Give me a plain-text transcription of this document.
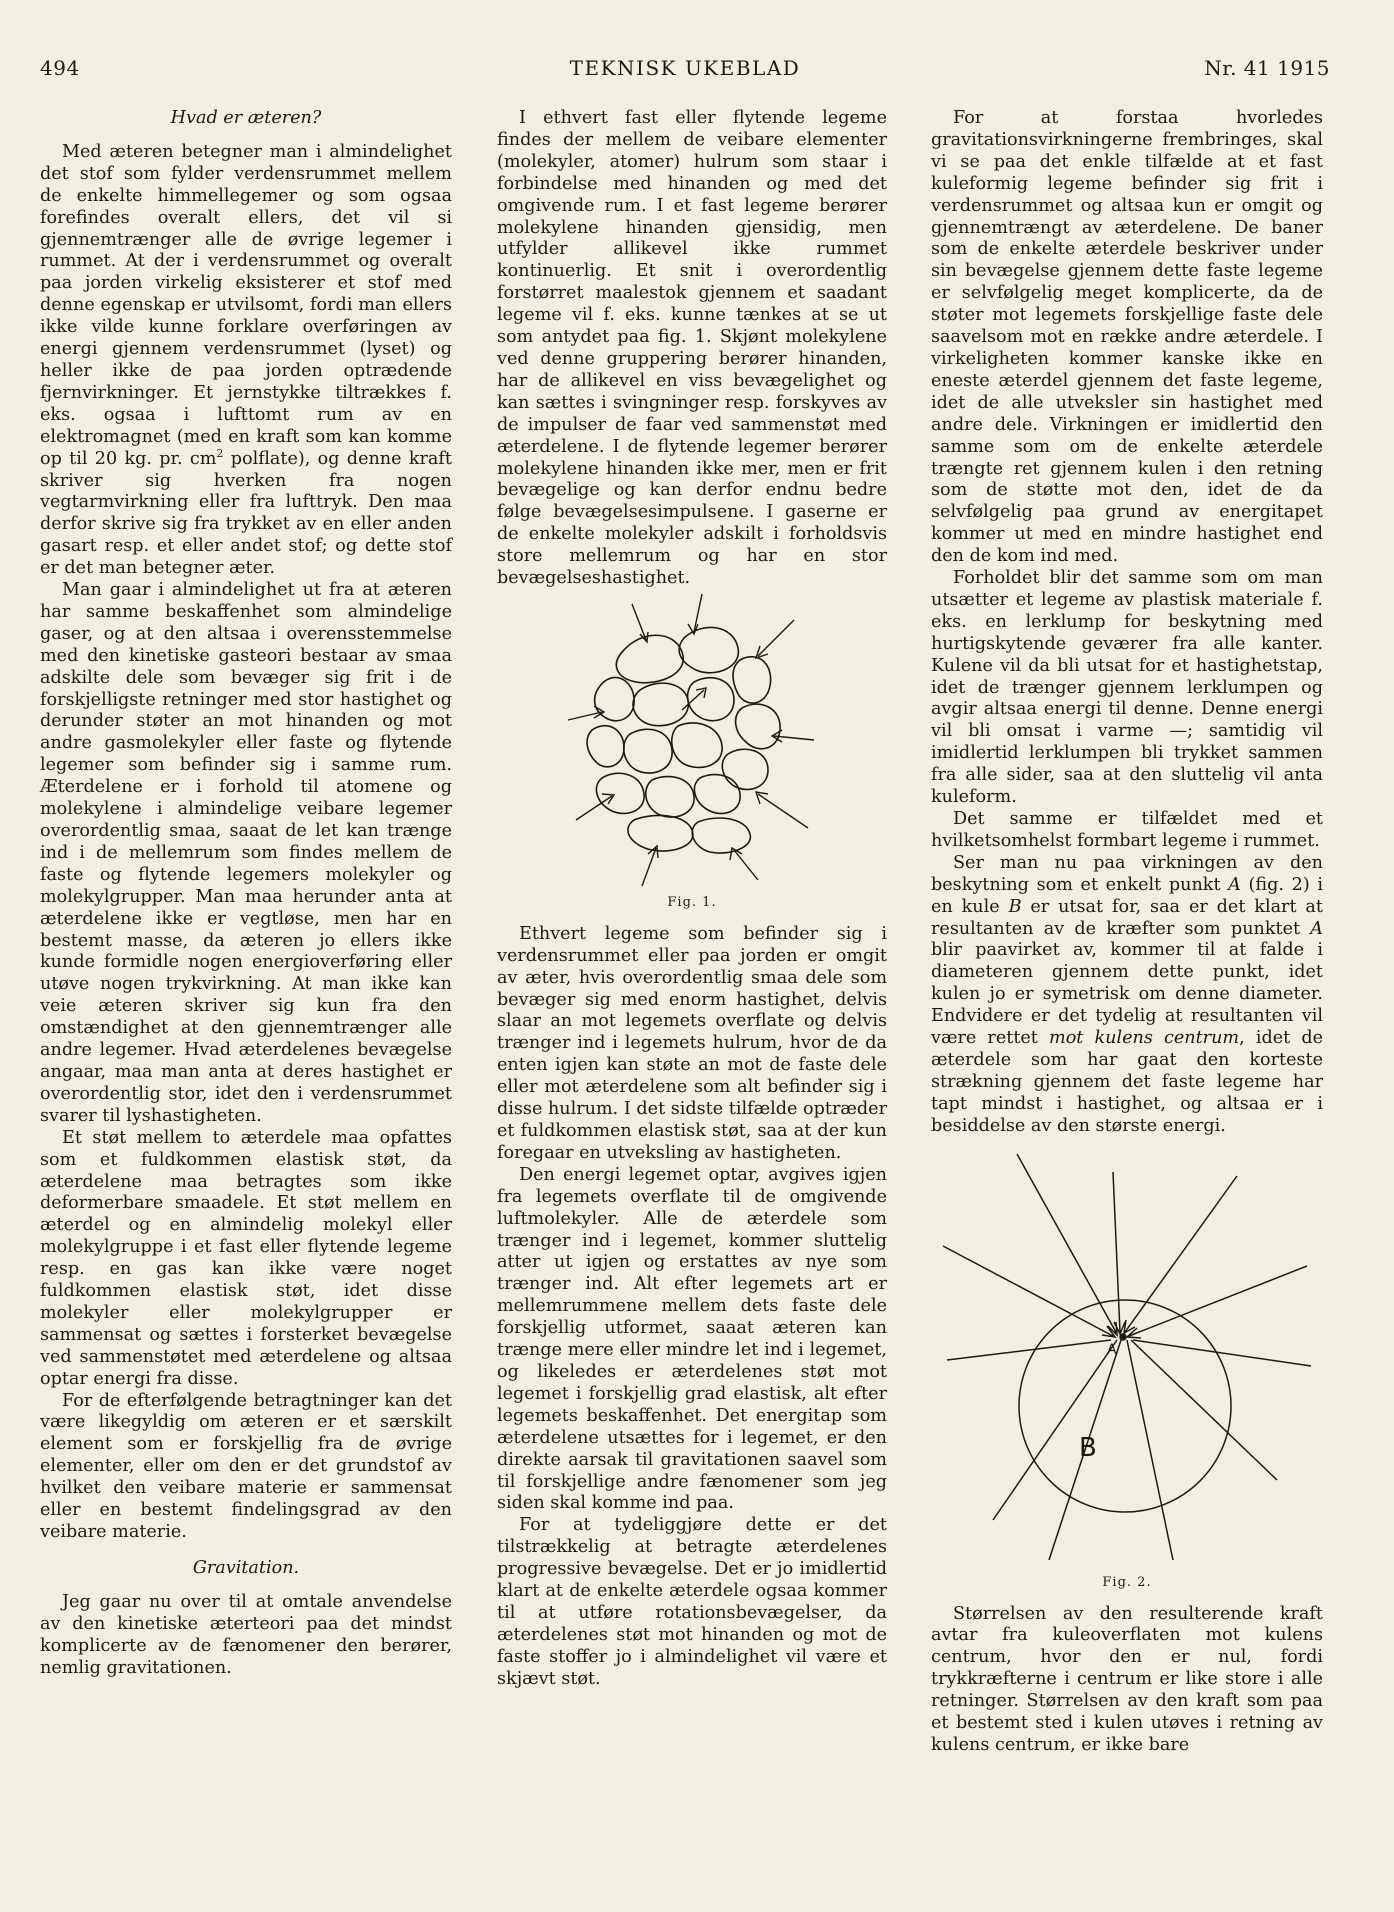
494	TEKNISK UKEBLAD	Nr. 41 1915
Hvad er æteren?

Med æteren betegner man i almindelighet det stof som fylder verdensrummet mellem de enkelte himmellegemer og som ogsaa forefindes overalt ellers, det vil si gjennemtrænger alle de øvrige legemer i rummet. At der i verdensrummet og overalt paa jorden virkelig eksisterer et stof med denne egenskap er utvilsomt, fordi man ellers ikke vilde kunne forklare overføringen av energi gjennem verdensrummet (lyset) og heller ikke de paa jorden optrædende fjernvirkninger. Et jernstykke tiltrækkes f. eks. ogsaa i lufttomt rum av en elektromagnet (med en kraft som kan komme op til 20 kg. pr. $cm^2$ polflate), og denne kraft skriver sig hverken fra nogen vegtarmvirkning eller fra lufttryk. Den maa derfor skrive sig fra trykket av en eller anden gasart resp. et eller andet stof; og dette stof er det man betegner æter.

Man gaar i almindelighet ut fra at æteren har samme beskaffenhet som almindelige gaser, og at den altsaa i overensstemmelse med den kinetiske gasteori bestaar av smaa adskilte dele som bevæger sig frit i de forskjelligste retninger med stor hastighet og derunder støter an mot hinanden og mot andre gasmolekyler eller faste og flytende legemer som befinder sig i samme rum. Æterdelene er i forhold til atomene og molekylene i almindelige veibare legemer overordentlig smaa, saaat de let kan trænge ind i de mellemrum som findes mellem de faste og flytende legemers molekyler og molekylgrupper. Man maa herunder anta at æterdelene ikke er vegtløse, men har en bestemt masse, da æteren jo ellers ikke kunde formidle nogen energioverføring eller utøve nogen trykvirkning. At man ikke kan veie æteren skriver sig kun fra den omstændighet at den gjennemtrænger alle andre legemer. Hvad æterdelenes bevægelse angaar, maa man anta at deres hastighet er overordentlig stor, idet den i verdensrummet svarer til lyshastigheten.

Et støt mellem to æterdele maa opfattes som et fuldkommen elastisk støt, da æterdelene maa betragtes som ikke deformerbare smaadele. Et støt mellem en æterdel og en almindelig molekyl eller molekylgruppe i et fast eller flytende legeme resp. en gas kan ikke være noget fuldkommen elastisk støt, idet disse molekyler eller molekylgrupper er sammensat og sættes i forsterket bevægelse ved sammenstøtet med æterdelene og altsaa optar energi fra disse.

For de efterfølgende betragtninger kan det være likegyldig om æteren er et særskilt element som er forskjellig fra de øvrige elementer, eller om den er det grundstof av hvilket den veibare materie er sammensat eller en bestemt findelingsgrad av den veibare materie.

Gravitation.

Jeg gaar nu over til at omtale anvendelse av den kinetiske æterteori paa det mindst komplicerte av de fænomener den berører, nemlig gravitationen.

I ethvert fast eller flytende legeme findes der mellem de veibare elementer (molekyler, atomer) hulrum som staar i forbindelse med hinanden og med det omgivende rum. I et fast legeme berører molekylene hinanden gjensidig, men utfylder allikevel ikke rummet kontinuerlig. Et snit i overordentlig forstørret maalestok gjennem et saadant legeme vil f. eks. kunne tænkes at se ut som antydet paa fig. 1. Skjønt molekylene ved denne gruppering berører hinanden, har de allikevel en viss bevægelighet og kan sættes i svingninger resp. forskyves av de impulser de faar ved sammenstøt med æterdelene. I de flytende legemer berører molekylene hinanden ikke mer, men er frit bevægelige og kan derfor endnu bedre følge bevægelsesimpulsene. I gaserne er de enkelte molekyler adskilt i forholdsvis store mellemrum og har en stor bevægelseshastighet.

Fig. 1.

Ethvert legeme som befinder sig i verdensrummet eller paa jorden er omgit av æter, hvis overordentlig smaa dele som bevæger sig med enorm hastighet, delvis slaar an mot legemets overflate og delvis trænger ind i legemets hulrum, hvor de da enten igjen kan støte an mot de faste dele eller mot æterdelene som alt befinder sig i disse hulrum. I det sidste tilfælde optræder et fuldkommen elastisk støt, saa at der kun foregaar en utveksling av hastigheten.

Den energi legemet optar, avgives igjen fra legemets overflate til de omgivende luftmolekyler. Alle de æterdele som trænger ind i legemet, kommer sluttelig atter ut igjen og erstattes av nye som trænger ind. Alt efter legemets art er mellemrummene mellem dets faste dele forskjellig utformet, saaat æteren kan trænge mere eller mindre let ind i legemet, og likeledes er æterdelenes støt mot legemet i forskjellig grad elastisk, alt efter legemets beskaffenhet. Det energitap som æterdelene utsættes for i legemet, er den direkte aarsak til gravitationen saavel som til forskjellige andre fænomener som jeg siden skal komme ind paa.

For at tydeliggjøre dette er det tilstrækkelig at betragte æterdelenes progressive bevægelse. Det er jo imidlertid klart at de enkelte æterdele ogsaa kommer til at utføre rotationsbevægelser, da æterdelenes støt mot hinanden og mot de faste stoffer jo i almindelighet vil være et skjævt støt.

For at forstaa hvorledes gravitationsvirkningerne frembringes, skal vi se paa det enkle tilfælde at et fast kuleformig legeme befinder sig frit i verdensrummet og altsaa kun er omgit og gjennemtrængt av æterdelene. De baner som de enkelte æterdele beskriver under sin bevægelse gjennem dette faste legeme er selvfølgelig meget komplicerte, da de støter mot legemets forskjellige faste dele saavelsom mot en række andre æterdele. I virkeligheten kommer kanske ikke en eneste æterdel gjennem det faste legeme, idet de alle utveksler sin hastighet med andre dele. Virkningen er imidlertid den samme som om de enkelte æterdele trængte ret gjennem kulen i den retning som de støtte mot den, idet de da selvfølgelig paa grund av energitapet kommer ut med en mindre hastighet end den de kom ind med.

Forholdet blir det samme som om man utsætter et legeme av plastisk materiale f. eks. en lerklump for beskytning med hurtigskytende geværer fra alle kanter. Kulene vil da bli utsat for et hastighetstap, idet de trænger gjennem lerklumpen og avgir altsaa energi til denne. Denne energi vil bli omsat i varme —; samtidig vil imidlertid lerklumpen bli trykket sammen fra alle sider, saa at den sluttelig vil anta kuleform.

Det samme er tilfældet med et hvilketsomhelst formbart legeme i rummet.

Ser man nu paa virkningen av den beskytning som et enkelt punkt A (fig. 2) i en kule B er utsat for, saa er det klart at resultanten av de kræfter som punktet A blir paavirket av, kommer til at falde i diameteren gjennem dette punkt, idet kulen jo er symetrisk om denne diameter. Endvidere er det tydelig at resultanten vil være rettet mot kulens centrum, idet de æterdele som har gaat den korteste strækning gjennem det faste legeme har tapt mindst i hastighet, og altsaa er i besiddelse av den største energi.

A
B
Fig. 2.

Størrelsen av den resulterende kraft avtar fra kuleoverflaten mot kulens centrum, hvor den er nul, fordi trykkræfterne i centrum er like store i alle retninger. Størrelsen av den kraft som paa et bestemt sted i kulen utøves i retning av kulens centrum, er ikke bare
